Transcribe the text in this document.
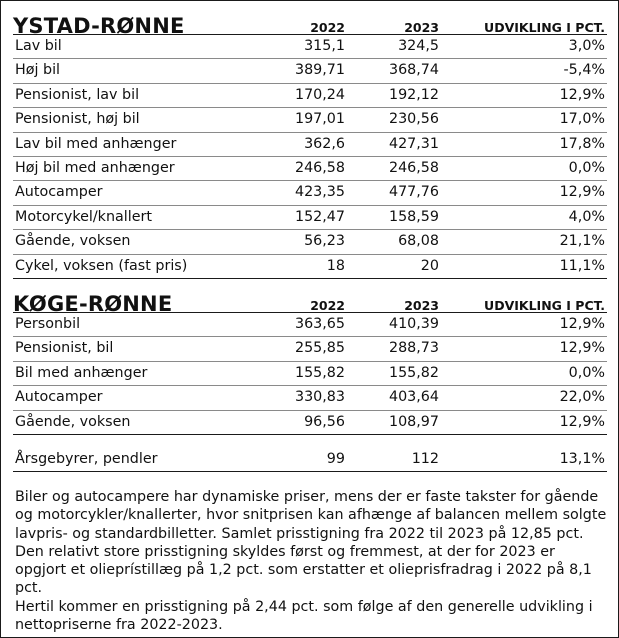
YSTAD-RØNNE	2022	2023	UDVIKLING I PCT.
Lav bil	315,1	324,5	3,0%
Høj bil	389,71	368,74	-5,4%
Pensionist, lav bil	170,24	192,12	12,9%
Pensionist, høj bil	197,01	230,56	17,0%
Lav bil med anhænger	362,6	427,31	17,8%
Høj bil med anhænger	246,58	246,58	0,0%
Autocamper	423,35	477,76	12,9%
Motorcykel/knallert	152,47	158,59	4,0%
Gående, voksen	56,23	68,08	21,1%
Cykel, voksen (fast pris)	18	20	11,1%
KØGE-RØNNE	2022	2023	UDVIKLING I PCT.
Personbil	363,65	410,39	12,9%
Pensionist, bil	255,85	288,73	12,9%
Bil med anhænger	155,82	155,82	0,0%
Autocamper	330,83	403,64	22,0%
Gående, voksen	96,56	108,97	12,9%
Årsgebyrer, pendler	99	112	13,1%

Biler og autocampere har dynamiske priser, mens der er faste takster for gående og motorcykler/knallerter, hvor snitprisen kan afhænge af balancen mellem solgte lavpris- og standardbilletter. Samlet prisstigning fra 2022 til 2023 på 12,85 pct.

Den relativt store prisstigning skyldes først og fremmest, at der for 2023 er opgjort et olieprístillæg på 1,2 pct. som erstatter et olieprisfradrag i 2022 på 8,1 pct.

Hertil kommer en prisstigning på 2,44 pct. som følge af den generelle udvikling i nettopriserne fra 2022-2023.
